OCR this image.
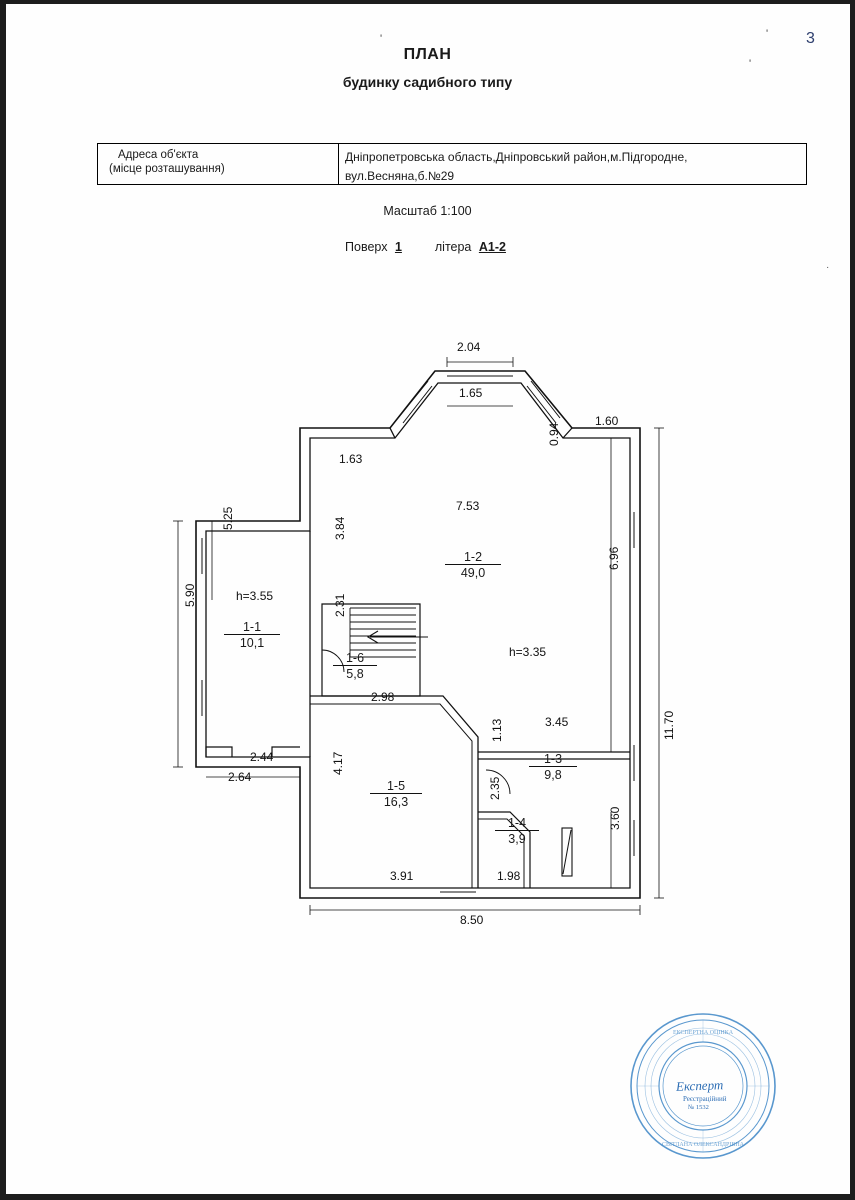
ПЛАН
будинку садибного типу
Адреса об'єкта
(місце розташування)
Дніпропетровська область,Дніпровський район,м.Підгородне,
вул.Весняна,б.№29
Масштаб 1:100
Поверх 1	літера А1-2
'
'
' 3
·
2.04
1.65
1.60
0.94
1.63
3.84
5.25
5.90
2.44
2.64
4.17
7.53
2.31
2.98
3.45
1.13
2.35
3.91	1.98
8.50
6.96
11.70
3.60
h=3.55
h=3.35
1-1
10,1
1-2
49,0
1-3
9,8
1-4
3,9
1-5
16,3
1-6
5,8
ЕКСПЕРТНА ОЦІНКА
СВІТЛАНА ОЛЕКСАНДРІВНА
Експерт
Реєстраційний
№ 1532
